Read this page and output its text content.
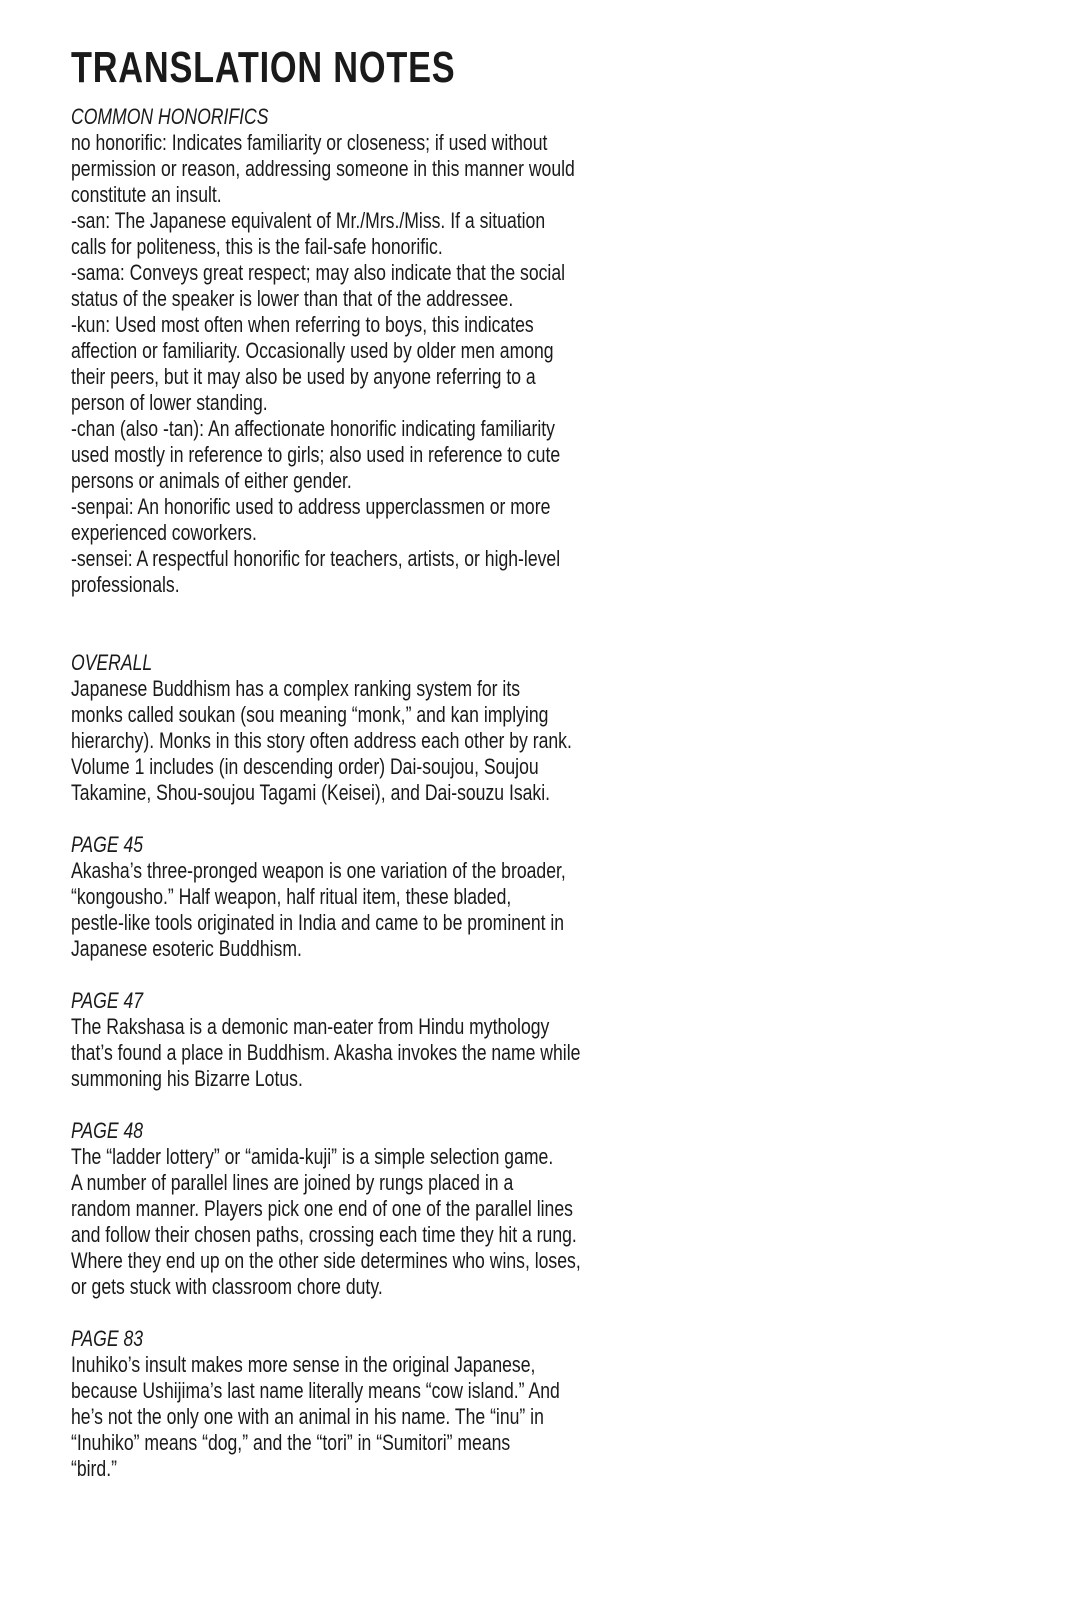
TRANSLATION NOTES
COMMON HONORIFICS
no honorific: Indicates familiarity or closeness; if used without
permission or reason, addressing someone in this manner would
constitute an insult.
-san: The Japanese equivalent of Mr./Mrs./Miss. If a situation
calls for politeness, this is the fail-safe honorific.
-sama: Conveys great respect; may also indicate that the social
status of the speaker is lower than that of the addressee.
-kun: Used most often when referring to boys, this indicates
affection or familiarity. Occasionally used by older men among
their peers, but it may also be used by anyone referring to a
person of lower standing.
-chan (also -tan): An affectionate honorific indicating familiarity
used mostly in reference to girls; also used in reference to cute
persons or animals of either gender.
-senpai: An honorific used to address upperclassmen or more
experienced coworkers.
-sensei: A respectful honorific for teachers, artists, or high-level
professionals.
OVERALL
Japanese Buddhism has a complex ranking system for its
monks called soukan (sou meaning “monk,” and kan implying
hierarchy). Monks in this story often address each other by rank.
Volume 1 includes (in descending order) Dai-soujou, Soujou
Takamine, Shou-soujou Tagami (Keisei), and Dai-souzu Isaki.
PAGE 45
Akasha’s three-pronged weapon is one variation of the broader,
“kongousho.” Half weapon, half ritual item, these bladed,
pestle-like tools originated in India and came to be prominent in
Japanese esoteric Buddhism.
PAGE 47
The Rakshasa is a demonic man-eater from Hindu mythology
that’s found a place in Buddhism. Akasha invokes the name while
summoning his Bizarre Lotus.
PAGE 48
The “ladder lottery” or “amida-kuji” is a simple selection game.
A number of parallel lines are joined by rungs placed in a
random manner. Players pick one end of one of the parallel lines
and follow their chosen paths, crossing each time they hit a rung.
Where they end up on the other side determines who wins, loses,
or gets stuck with classroom chore duty.
PAGE 83
Inuhiko’s insult makes more sense in the original Japanese,
because Ushijima’s last name literally means “cow island.” And
he’s not the only one with an animal in his name. The “inu” in
“Inuhiko” means “dog,” and the “tori” in “Sumitori” means
“bird.”
